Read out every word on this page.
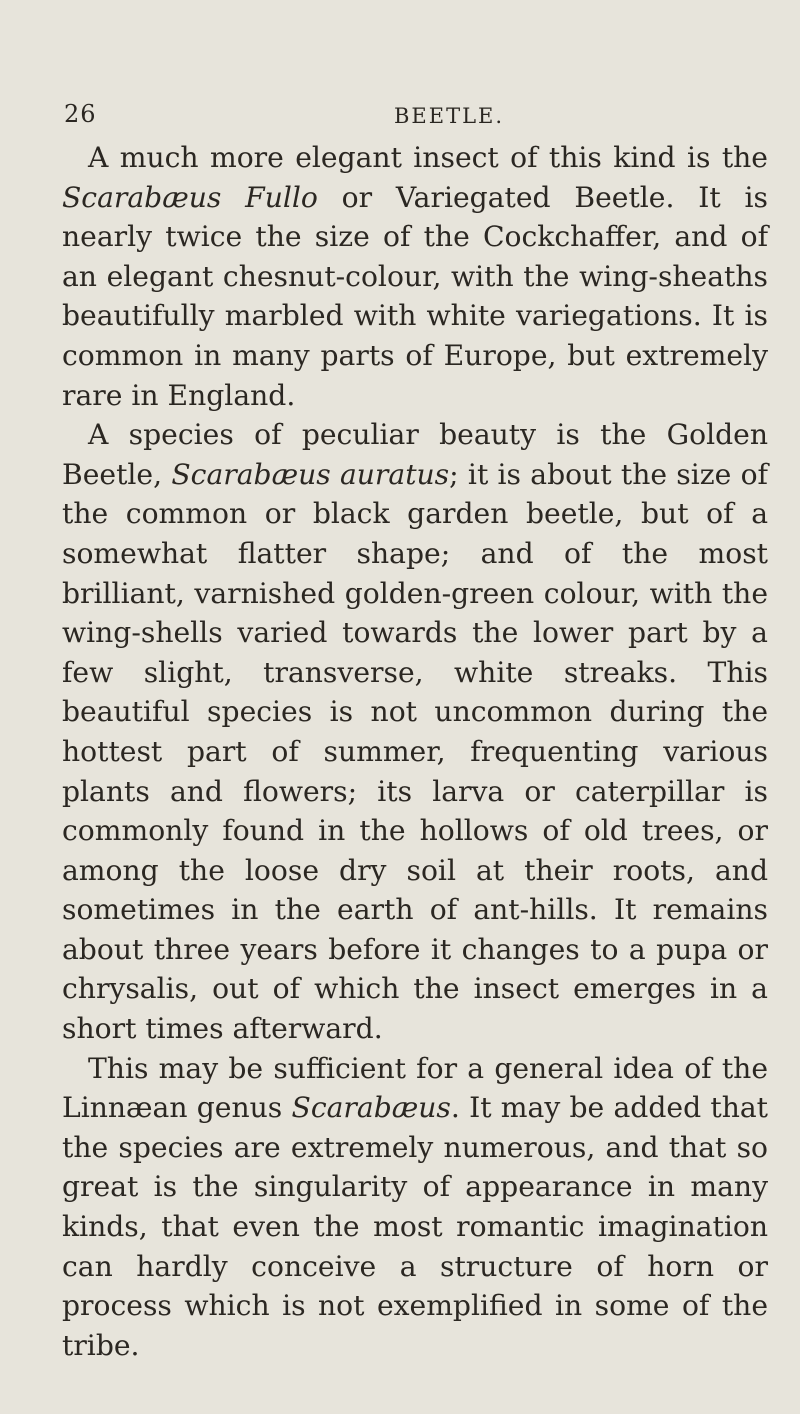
26	BEETLE.

A much more elegant insect of this kind is the Scarabæus Fullo or Variegated Beetle. It is nearly twice the size of the Cockchaffer, and of an elegant chesnut-colour, with the wing-sheaths beautifully marbled with white variegations. It is common in many parts of Europe, but extremely rare in England.

A species of peculiar beauty is the Golden Beetle, Scarabæus auratus; it is about the size of the common or black garden beetle, but of a somewhat flatter shape; and of the most brilliant, varnished golden-green colour, with the wing-shells varied towards the lower part by a few slight, transverse, white streaks. This beautiful species is not uncommon during the hottest part of summer, frequenting various plants and flowers; its larva or caterpillar is commonly found in the hollows of old trees, or among the loose dry soil at their roots, and sometimes in the earth of ant-hills. It remains about three years before it changes to a pupa or chrysalis, out of which the insect emerges in a short times afterward.

This may be sufficient for a general idea of the Linnæan genus Scarabæus. It may be added that the species are extremely numerous, and that so great is the singularity of appearance in many kinds, that even the most romantic imagination can hardly conceive a structure of horn or process which is not exemplified in some of the tribe.
